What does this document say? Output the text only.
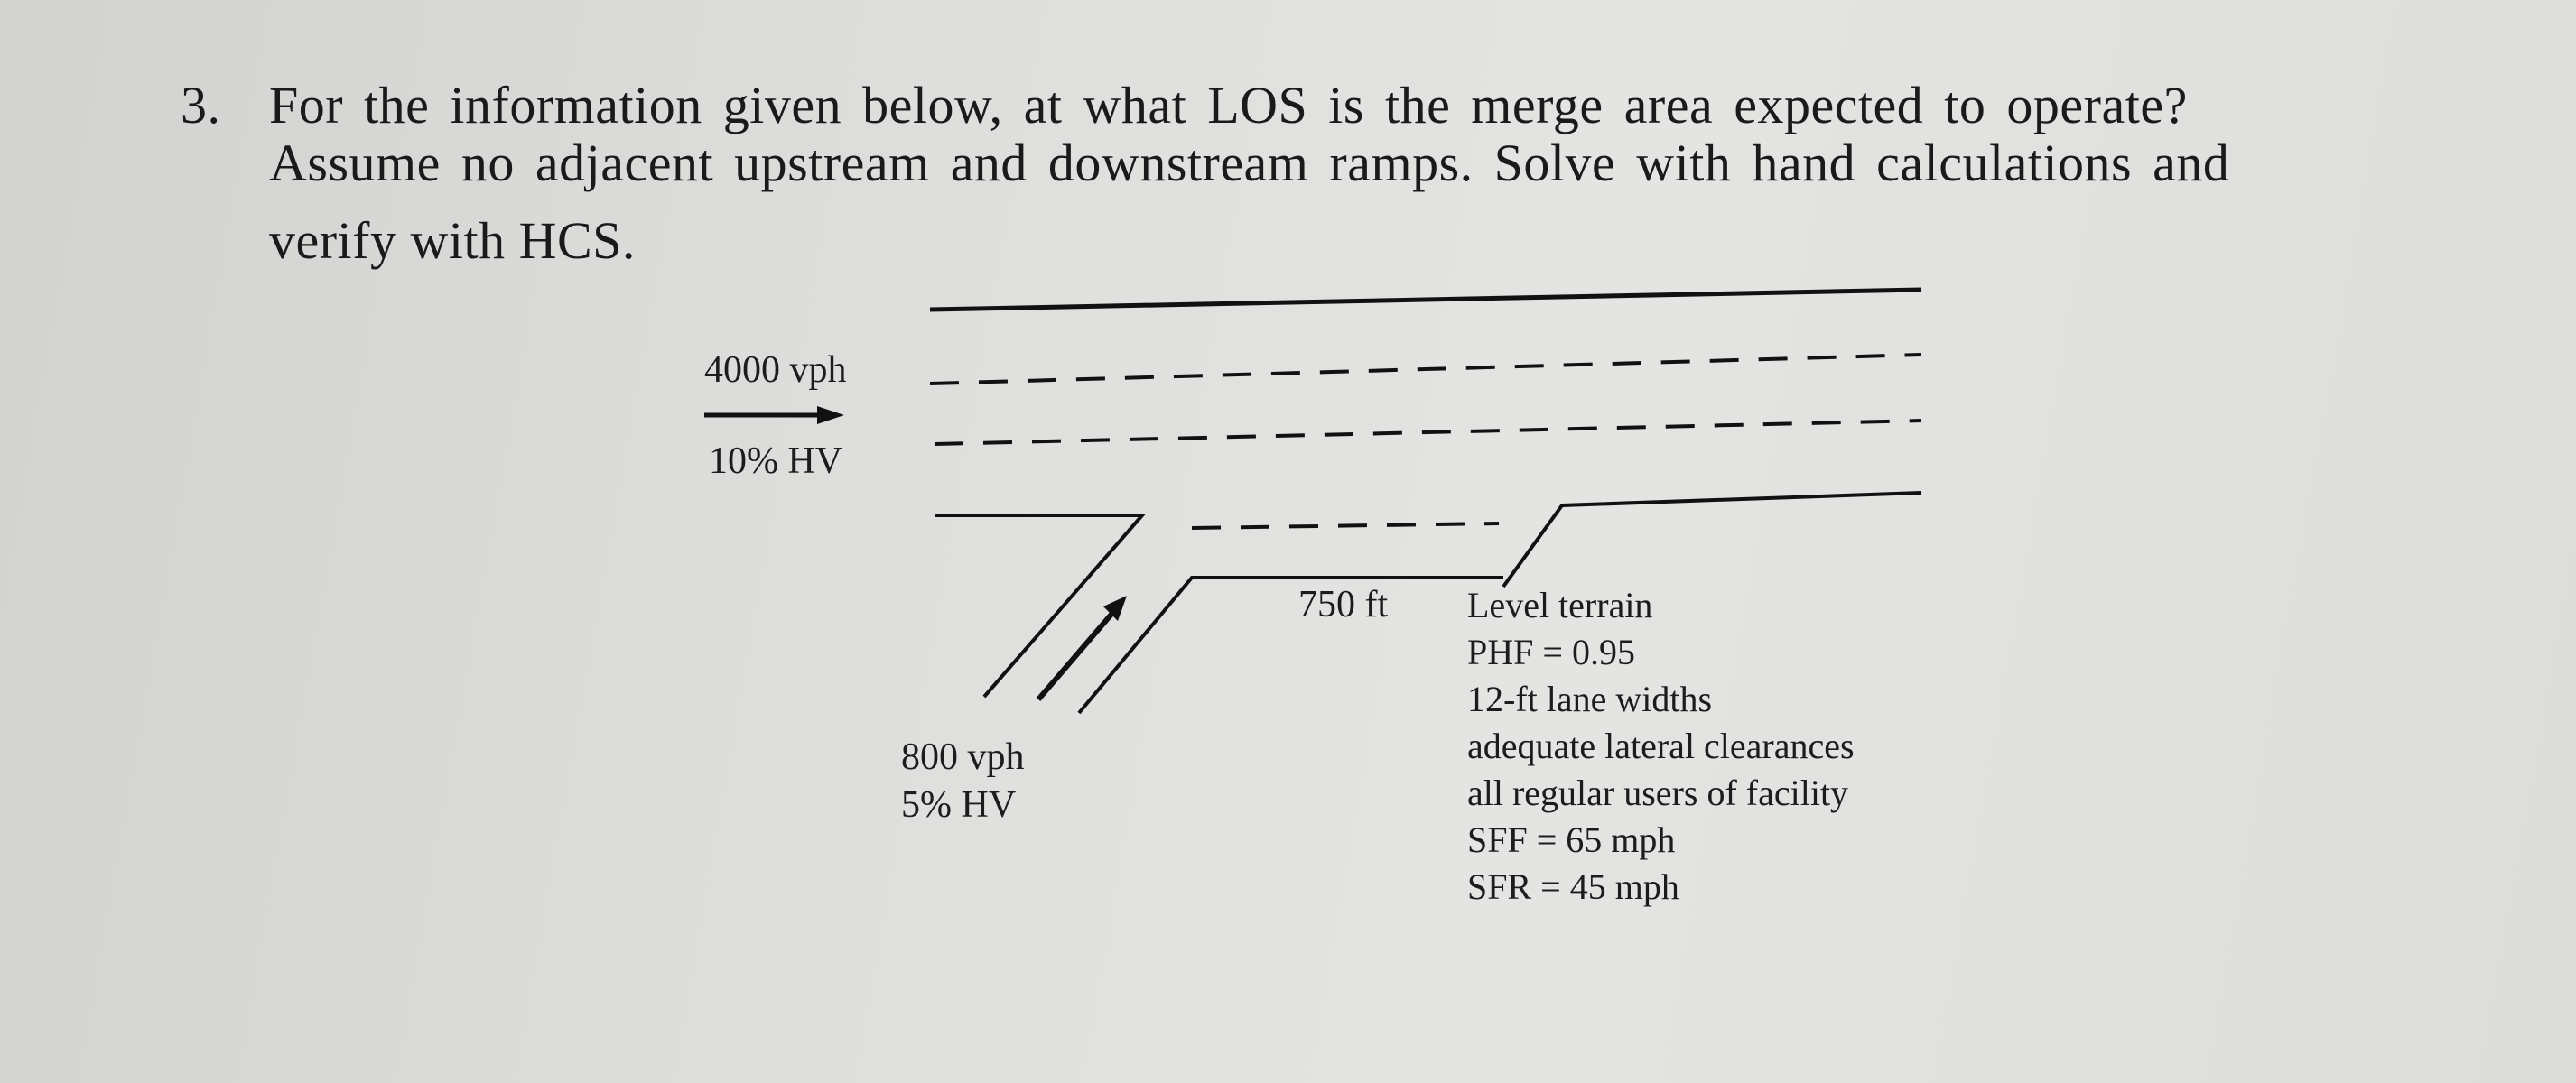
3. For the information given below, at what LOS is the merge area expected to operate?
Assume no adjacent upstream and downstream ramps. Solve with hand calculations and
verify with HCS.
4000 vph
10% HV
800 vph
5% HV
750 ft Level terrain
PHF = 0.95
12-ft lane widths
adequate lateral clearances
all regular users of facility
SFF = 65 mph
SFR = 45 mph
